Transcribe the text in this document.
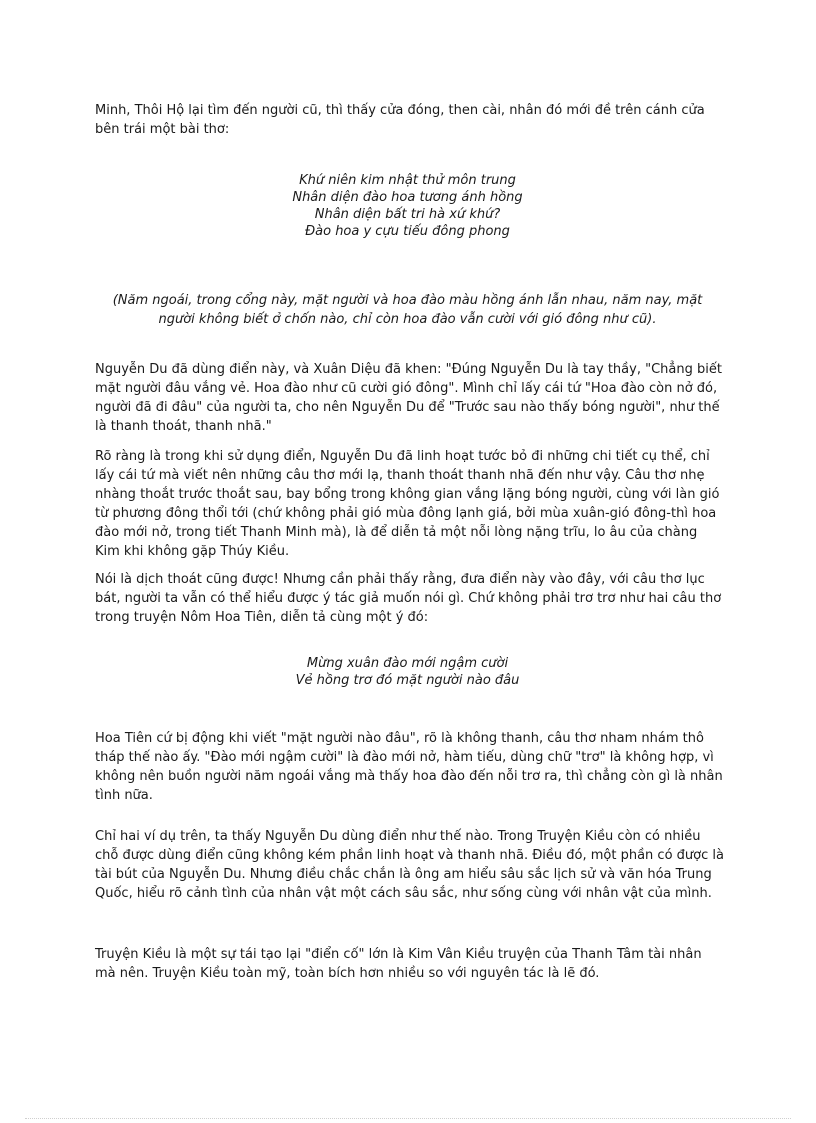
Minh, Thôi Hộ lại tìm đến người cũ, thì thấy cửa đóng, then cài, nhân đó mới đề trên cánh cửa bên trái một bài thơ:

Khứ niên kim nhật thử môn trung
Nhân diện đào hoa tương ánh hồng
Nhân diện bất tri hà xứ khứ?
Đào hoa y cựu tiếu đông phong

(Năm ngoái, trong cổng này, mặt người và hoa đào màu hồng ánh lẫn nhau, năm nay, mặt người không biết ở chốn nào, chỉ còn hoa đào vẫn cười với gió đông như cũ).

Nguyễn Du đã dùng điển này, và Xuân Diệu đã khen: "Đúng Nguyễn Du là tay thầy, "Chẳng biết mặt người đâu vắng vẻ. Hoa đào như cũ cười gió đông". Mình chỉ lấy cái tứ "Hoa đào còn nở đó, người đã đi đâu" của người ta, cho nên Nguyễn Du để "Trước sau nào thấy bóng người", như thế là thanh thoát, thanh nhã."

Rõ ràng là trong khi sử dụng điển, Nguyễn Du đã linh hoạt tước bỏ đi những chi tiết cụ thể, chỉ lấy cái tứ mà viết nên những câu thơ mới lạ, thanh thoát thanh nhã đến như vậy. Câu thơ nhẹ nhàng thoắt trước thoắt sau, bay bổng trong không gian vắng lặng bóng người, cùng với làn gió từ phương đông thổi tới (chứ không phải gió mùa đông lạnh giá, bởi mùa xuân-gió đông-thì hoa đào mới nở, trong tiết Thanh Minh mà), là để diễn tả một nỗi lòng nặng trĩu, lo âu của chàng Kim khi không gặp Thúy Kiều.

Nói là dịch thoát cũng được! Nhưng cần phải thấy rằng, đưa điển này vào đây, với câu thơ lục bát, người ta vẫn có thể hiểu được ý tác giả muốn nói gì. Chứ không phải trơ trơ như hai câu thơ trong truyện Nôm Hoa Tiên, diễn tả cùng một ý đó:

Mừng xuân đào mới ngậm cười
Vẻ hồng trơ đó mặt người nào đâu

Hoa Tiên cứ bị động khi viết "mặt người nào đâu", rõ là không thanh, câu thơ nham nhám thô tháp thế nào ấy. "Đào mới ngậm cười" là đào mới nở, hàm tiếu, dùng chữ "trơ" là không hợp, vì không nên buồn người năm ngoái vắng mà thấy hoa đào đến nỗi trơ ra, thì chẳng còn gì là nhân tình nữa.

Chỉ hai ví dụ trên, ta thấy Nguyễn Du dùng điển như thế nào. Trong Truyện Kiều còn có nhiều chỗ được dùng điển cũng không kém phần linh hoạt và thanh nhã. Điều đó, một phần có được là tài bút của Nguyễn Du. Nhưng điều chắc chắn là ông am hiểu sâu sắc lịch sử và văn hóa Trung Quốc, hiểu rõ cảnh tình của nhân vật một cách sâu sắc, như sống cùng với nhân vật của mình.

Truyện Kiều là một sự tái tạo lại "điển cố" lớn là Kim Vân Kiều truyện của Thanh Tâm tài nhân mà nên. Truyện Kiều toàn mỹ, toàn bích hơn nhiều so với nguyên tác là lẽ đó.
